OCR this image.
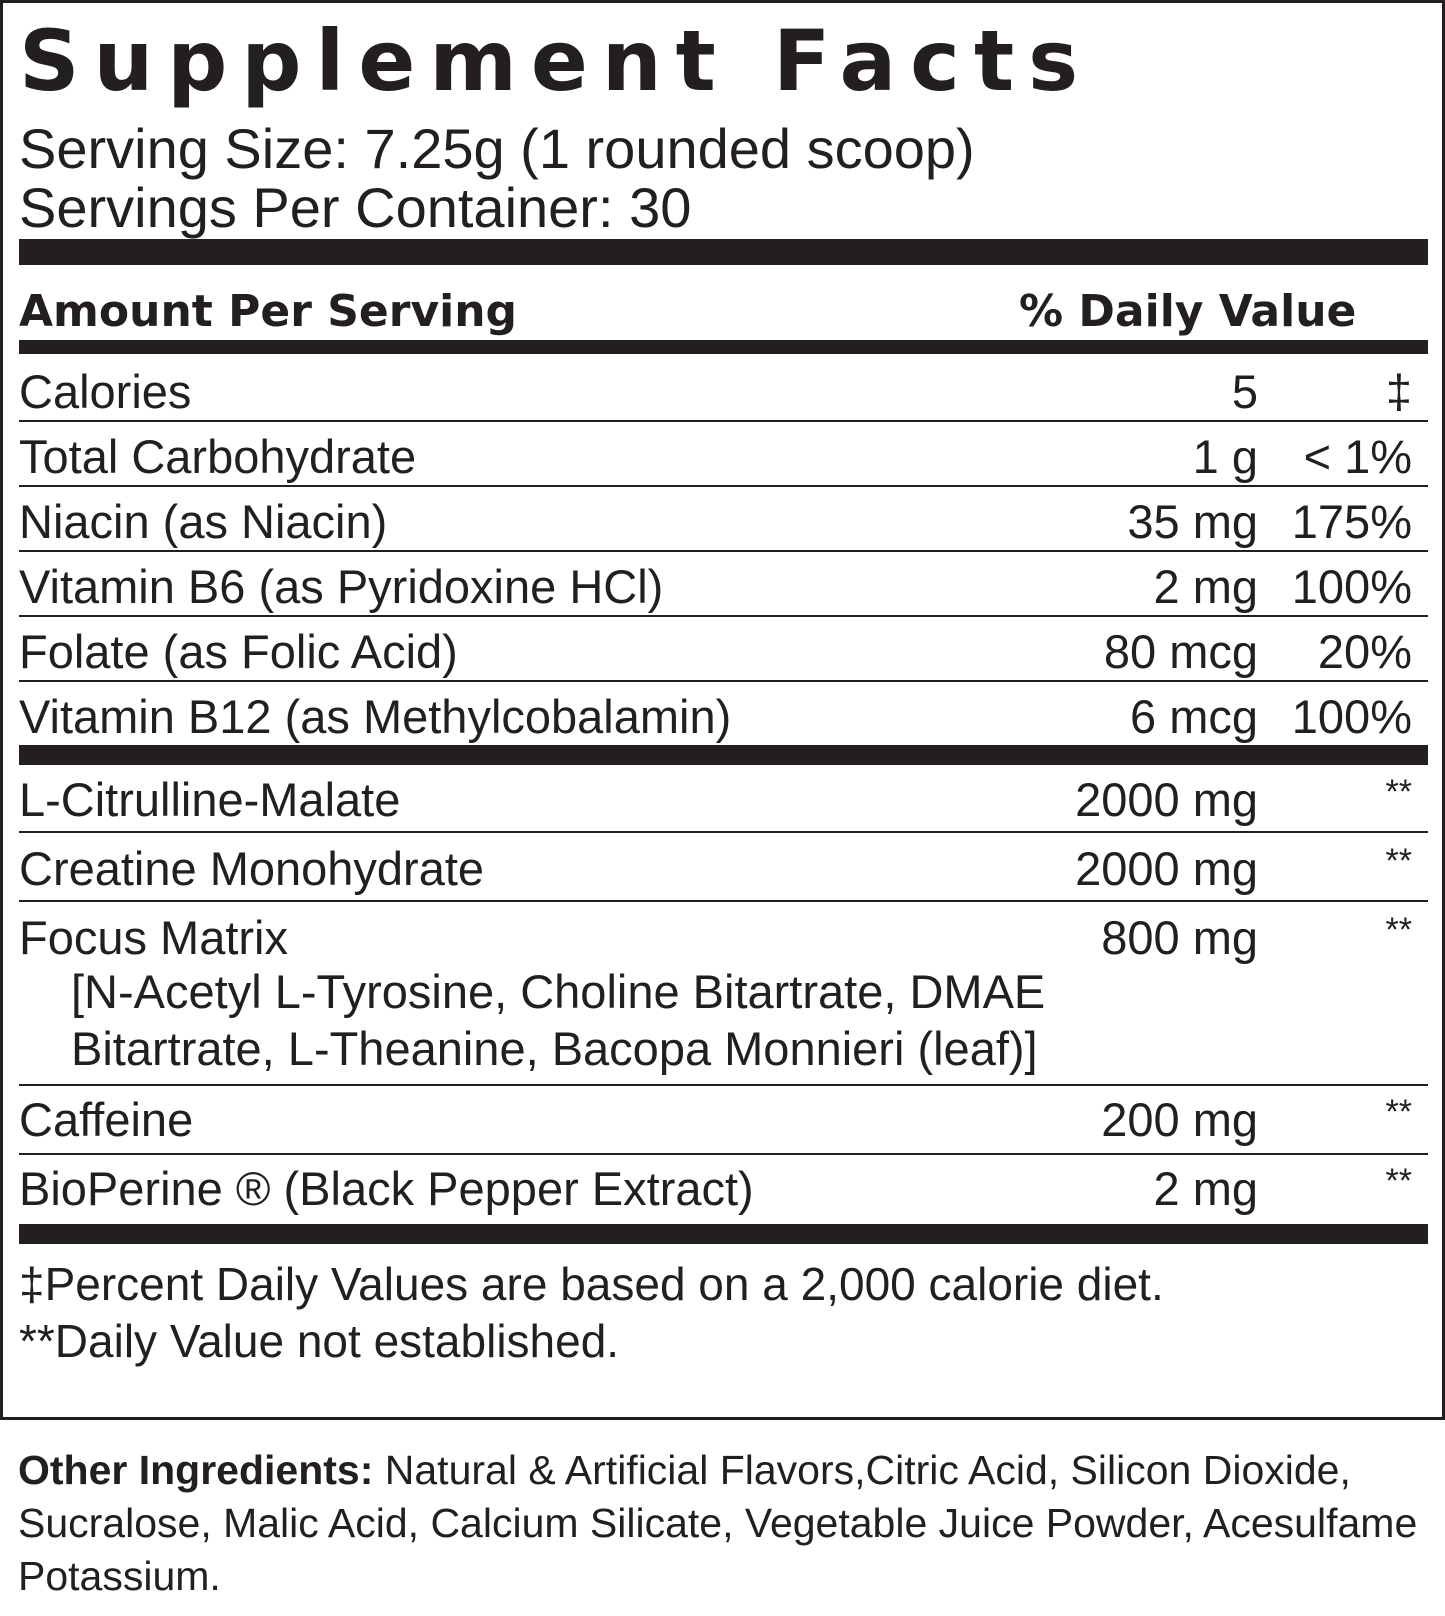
Supplement Facts
Serving Size: 7.25g (1 rounded scoop)
Servings Per Container: 30
Amount Per Serving	% Daily Value
Calories	5	‡
Total Carbohydrate	1 g < 1%
Niacin (as Niacin)	35 mg 175%
Vitamin B6 (as Pyridoxine HCl)	2 mg 100%
Folate (as Folic Acid)	80 mcg 20%
Vitamin B12 (as Methylcobalamin)	6 mcg 100%
L-Citrulline-Malate	2000 mg	**
Creatine Monohydrate	2000 mg	**
Focus Matrix	800 mg	**
[N-Acetyl L-Tyrosine, Choline Bitartrate, DMAE
Bitartrate, L-Theanine, Bacopa Monnieri (leaf)]
Caffeine	200 mg	**
BioPerine ® (Black Pepper Extract)	2 mg	**
‡Percent Daily Values are based on a 2,000 calorie diet.
**Daily Value not established.

Other Ingredients: Natural & Artificial Flavors,Citric Acid, Silicon Dioxide, Sucralose, Malic Acid, Calcium Silicate, Vegetable Juice Powder, Acesulfame Potassium.
